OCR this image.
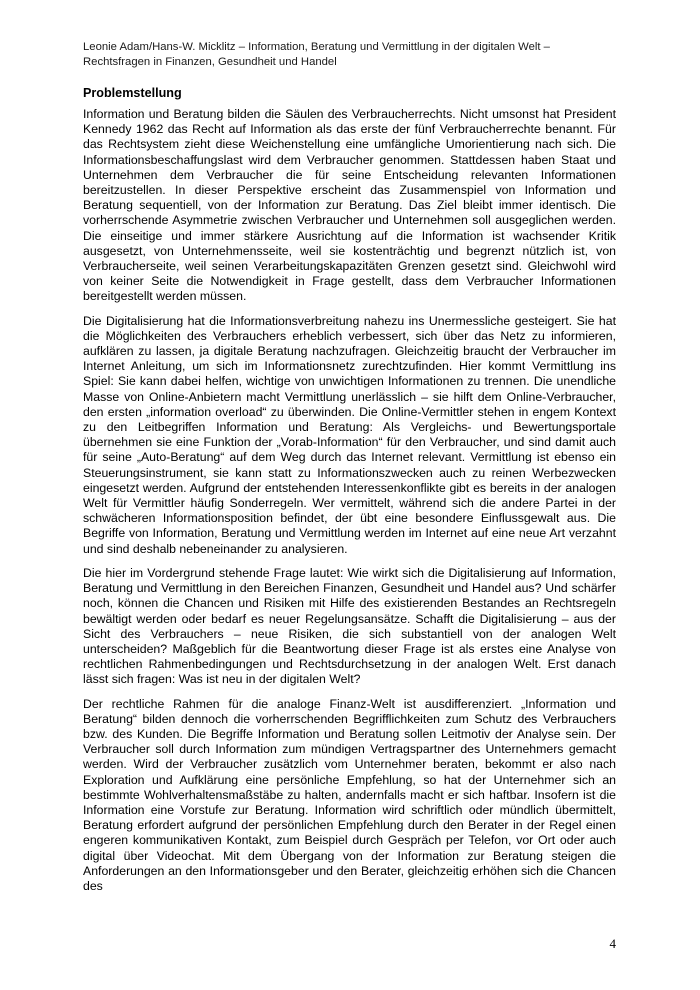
Leonie Adam/Hans-W. Micklitz – Information, Beratung und Vermittlung in der digitalen Welt – Rechtsfragen in Finanzen, Gesundheit und Handel
Problemstellung

Information und Beratung bilden die Säulen des Verbraucherrechts. Nicht umsonst hat President Kennedy 1962 das Recht auf Information als das erste der fünf Verbraucherrechte benannt. Für das Rechtsystem zieht diese Weichenstellung eine umfängliche Umorientierung nach sich. Die Informationsbeschaffungslast wird dem Verbraucher genommen. Stattdessen haben Staat und Unternehmen dem Verbraucher die für seine Entscheidung relevanten Informationen bereitzustellen. In dieser Perspektive erscheint das Zusammenspiel von Information und Beratung sequentiell, von der Information zur Beratung. Das Ziel bleibt immer identisch. Die vorherrschende Asymmetrie zwischen Verbraucher und Unternehmen soll ausgeglichen werden. Die einseitige und immer stärkere Ausrichtung auf die Information ist wachsender Kritik ausgesetzt, von Unternehmensseite, weil sie kostenträchtig und begrenzt nützlich ist, von Verbraucherseite, weil seinen Verarbeitungskapazitäten Grenzen gesetzt sind. Gleichwohl wird von keiner Seite die Notwendigkeit in Frage gestellt, dass dem Verbraucher Informationen bereitgestellt werden müssen.

Die Digitalisierung hat die Informationsverbreitung nahezu ins Unermessliche gesteigert. Sie hat die Möglichkeiten des Verbrauchers erheblich verbessert, sich über das Netz zu informieren, aufklären zu lassen, ja digitale Beratung nachzufragen. Gleichzeitig braucht der Verbraucher im Internet Anleitung, um sich im Informationsnetz zurechtzufinden. Hier kommt Vermittlung ins Spiel: Sie kann dabei helfen, wichtige von unwichtigen Informationen zu trennen. Die unendliche Masse von Online-Anbietern macht Vermittlung unerlässlich – sie hilft dem Online-Verbraucher, den ersten „information overload“ zu überwinden. Die Online-Vermittler stehen in engem Kontext zu den Leitbegriffen Information und Beratung: Als Vergleichs- und Bewertungsportale übernehmen sie eine Funktion der „Vorab-Information“ für den Verbraucher, und sind damit auch für seine „Auto-Beratung“ auf dem Weg durch das Internet relevant. Vermittlung ist ebenso ein Steuerungsinstrument, sie kann statt zu Informationszwecken auch zu reinen Werbezwecken eingesetzt werden. Aufgrund der entstehenden Interessenkonflikte gibt es bereits in der analogen Welt für Vermittler häufig Sonderregeln. Wer vermittelt, während sich die andere Partei in der schwächeren Informationsposition befindet, der übt eine besondere Einflussgewalt aus. Die Begriffe von Information, Beratung und Vermittlung werden im Internet auf eine neue Art verzahnt und sind deshalb nebeneinander zu analysieren.

Die hier im Vordergrund stehende Frage lautet: Wie wirkt sich die Digitalisierung auf Information, Beratung und Vermittlung in den Bereichen Finanzen, Gesundheit und Handel aus? Und schärfer noch, können die Chancen und Risiken mit Hilfe des existierenden Bestandes an Rechtsregeln bewältigt werden oder bedarf es neuer Regelungsansätze. Schafft die Digitalisierung – aus der Sicht des Verbrauchers – neue Risiken, die sich substantiell von der analogen Welt unterscheiden? Maßgeblich für die Beantwortung dieser Frage ist als erstes eine Analyse von rechtlichen Rahmenbedingungen und Rechtsdurchsetzung in der analogen Welt. Erst danach lässt sich fragen: Was ist neu in der digitalen Welt?

Der rechtliche Rahmen für die analoge Finanz-Welt ist ausdifferenziert. „Information und Beratung“ bilden dennoch die vorherrschenden Begrifflichkeiten zum Schutz des Verbrauchers bzw. des Kunden. Die Begriffe Information und Beratung sollen Leitmotiv der Analyse sein. Der Verbraucher soll durch Information zum mündigen Vertragspartner des Unternehmers gemacht werden. Wird der Verbraucher zusätzlich vom Unternehmer beraten, bekommt er also nach Exploration und Aufklärung eine persönliche Empfehlung, so hat der Unternehmer sich an bestimmte Wohlverhaltensmaßstäbe zu halten, andernfalls macht er sich haftbar. Insofern ist die Information eine Vorstufe zur Beratung. Information wird schriftlich oder mündlich übermittelt, Beratung erfordert aufgrund der persönlichen Empfehlung durch den Berater in der Regel einen engeren kommunikativen Kontakt, zum Beispiel durch Gespräch per Telefon, vor Ort oder auch digital über Videochat. Mit dem Übergang von der Information zur Beratung steigen die Anforderungen an den Informationsgeber und den Berater, gleichzeitig erhöhen sich die Chancen des

4
